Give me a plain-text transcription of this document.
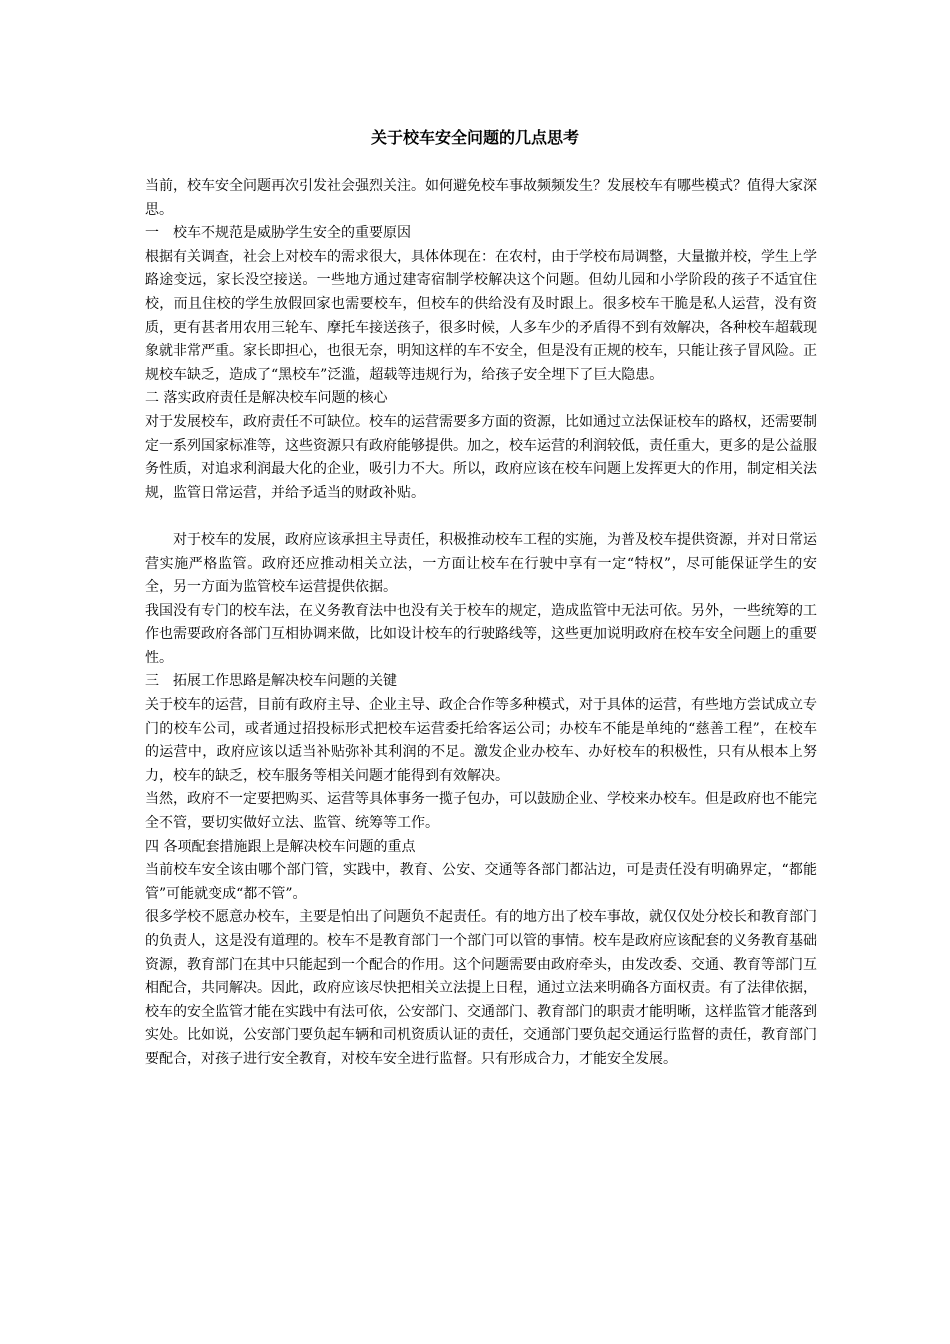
关于校车安全问题的几点思考

当前，校车安全问题再次引发社会强烈关注。如何避免校车事故频频发生？发展校车有哪些模式？值得大家深思。

一　校车不规范是威胁学生安全的重要原因

根据有关调查，社会上对校车的需求很大，具体体现在：在农村，由于学校布局调整，大量撤并校，学生上学路途变远，家长没空接送。一些地方通过建寄宿制学校解决这个问题。但幼儿园和小学阶段的孩子不适宜住校，而且住校的学生放假回家也需要校车，但校车的供给没有及时跟上。很多校车干脆是私人运营，没有资质，更有甚者用农用三轮车、摩托车接送孩子，很多时候，人多车少的矛盾得不到有效解决，各种校车超载现象就非常严重。家长即担心，也很无奈，明知这样的车不安全，但是没有正规的校车，只能让孩子冒风险。正规校车缺乏，造成了“黑校车”泛滥，超载等违规行为，给孩子安全埋下了巨大隐患。

二 落实政府责任是解决校车问题的核心

对于发展校车，政府责任不可缺位。校车的运营需要多方面的资源，比如通过立法保证校车的路权，还需要制定一系列国家标准等，这些资源只有政府能够提供。加之，校车运营的利润较低，责任重大，更多的是公益服务性质，对追求利润最大化的企业，吸引力不大。所以，政府应该在校车问题上发挥更大的作用，制定相关法规，监管日常运营，并给予适当的财政补贴。

对于校车的发展，政府应该承担主导责任，积极推动校车工程的实施，为普及校车提供资源，并对日常运营实施严格监管。政府还应推动相关立法，一方面让校车在行驶中享有一定“特权”，尽可能保证学生的安全，另一方面为监管校车运营提供依据。

我国没有专门的校车法，在义务教育法中也没有关于校车的规定，造成监管中无法可依。另外，一些统筹的工作也需要政府各部门互相协调来做，比如设计校车的行驶路线等，这些更加说明政府在校车安全问题上的重要性。

三　拓展工作思路是解决校车问题的关键

关于校车的运营，目前有政府主导、企业主导、政企合作等多种模式，对于具体的运营，有些地方尝试成立专门的校车公司，或者通过招投标形式把校车运营委托给客运公司；办校车不能是单纯的“慈善工程”，在校车的运营中，政府应该以适当补贴弥补其利润的不足。激发企业办校车、办好校车的积极性，只有从根本上努力，校车的缺乏，校车服务等相关问题才能得到有效解决。

当然，政府不一定要把购买、运营等具体事务一揽子包办，可以鼓励企业、学校来办校车。但是政府也不能完全不管，要切实做好立法、监管、统筹等工作。

四 各项配套措施跟上是解决校车问题的重点

当前校车安全该由哪个部门管，实践中，教育、公安、交通等各部门都沾边，可是责任没有明确界定，“都能管”可能就变成“都不管”。

很多学校不愿意办校车，主要是怕出了问题负不起责任。有的地方出了校车事故，就仅仅处分校长和教育部门的负责人，这是没有道理的。校车不是教育部门一个部门可以管的事情。校车是政府应该配套的义务教育基础资源，教育部门在其中只能起到一个配合的作用。这个问题需要由政府牵头，由发改委、交通、教育等部门互相配合，共同解决。因此，政府应该尽快把相关立法提上日程，通过立法来明确各方面权责。有了法律依据，校车的安全监管才能在实践中有法可依，公安部门、交通部门、教育部门的职责才能明晰，这样监管才能落到实处。比如说，公安部门要负起车辆和司机资质认证的责任，交通部门要负起交通运行监督的责任，教育部门要配合，对孩子进行安全教育，对校车安全进行监督。只有形成合力，才能安全发展。
